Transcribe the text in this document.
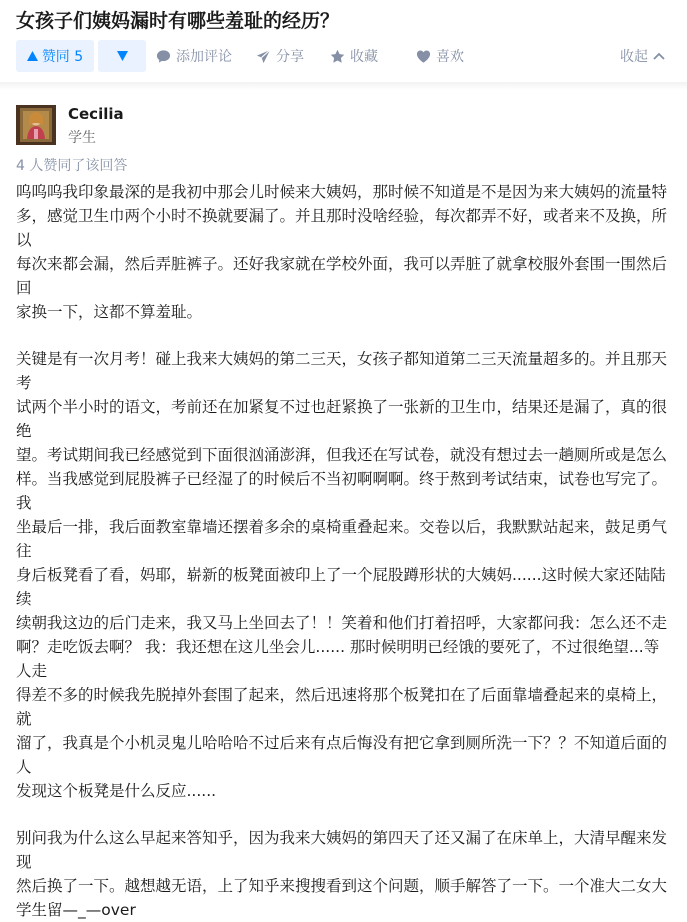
女孩子们姨妈漏时有哪些羞耻的经历？
赞同 5	添加评论	分享	收藏	喜欢	收起
Cecilia
学生
4 人赞同了该回答

呜呜呜我印象最深的是我初中那会儿时候来大姨妈，那时候不知道是不是因为来大姨妈的流量特
多，感觉卫生巾两个小时不换就要漏了。并且那时没啥经验，每次都弄不好，或者来不及换，所以
每次来都会漏，然后弄脏裤子。还好我家就在学校外面，我可以弄脏了就拿校服外套围一围然后回
家换一下，这都不算羞耻。

关键是有一次月考！碰上我来大姨妈的第二三天，女孩子都知道第二三天流量超多的。并且那天考
试两个半小时的语文，考前还在加紧复不过也赶紧换了一张新的卫生巾，结果还是漏了，真的很绝
望。考试期间我已经感觉到下面很汹涌澎湃，但我还在写试卷，就没有想过去一趟厕所或是怎么
样。当我感觉到屁股裤子已经湿了的时候后不当初啊啊啊。终于熬到考试结束，试卷也写完了。我
坐最后一排，我后面教室靠墙还摆着多余的桌椅重叠起来。交卷以后，我默默站起来，鼓足勇气往
身后板凳看了看，妈耶，崭新的板凳面被印上了一个屁股蹲形状的大姨妈......这时候大家还陆陆续
续朝我这边的后门走来，我又马上坐回去了！！笑着和他们打着招呼，大家都问我：怎么还不走
啊？走吃饭去啊？ 我：我还想在这儿坐会儿...... 那时候明明已经饿的要死了，不过很绝望...等人走
得差不多的时候我先脱掉外套围了起来，然后迅速将那个板凳扣在了后面靠墙叠起来的桌椅上，就
溜了，我真是个小机灵鬼儿哈哈哈不过后来有点后悔没有把它拿到厕所洗一下？？不知道后面的人
发现这个板凳是什么反应......

别问我为什么这么早起来答知乎，因为我来大姨妈的第四天了还又漏了在床单上，大清早醒来发现
然后换了一下。越想越无语，上了知乎来搜搜看到这个问题，顺手解答了一下。一个准大二女大
学生留—_—over
